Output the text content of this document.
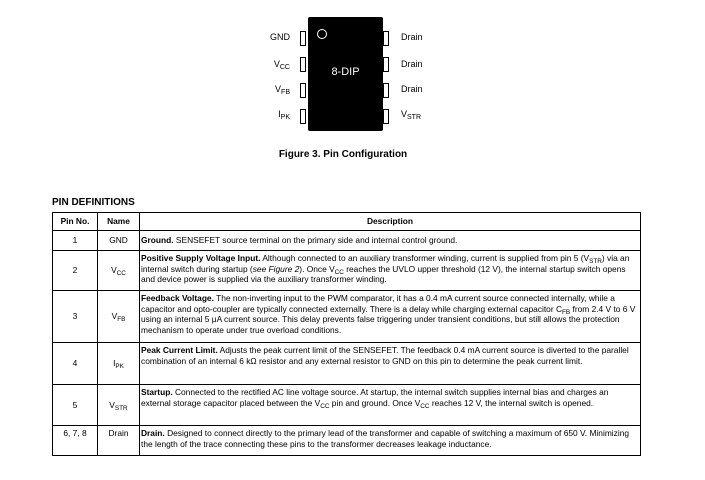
8-DIP
GND
$V_{CC}$
$V_{FB}$
$I_{PK}$
Drain
Drain
Drain
$V_{STR}$
Figure 3. Pin Configuration
PIN DEFINITIONS
Pin No.	Name	Description
1	GND	Ground. SENSEFET source terminal on the primary side and internal control ground.
2	$V_{CC}$	Positive Supply Voltage Input. Although connected to an auxiliary transformer winding, current is supplied from pin 5 $(V_{STR})$ via an internal switch during startup (see Figure 2). Once $V_{CC}$ reaches the UVLO upper threshold (12 V), the internal startup switch opens and device power is supplied via the auxiliary transformer winding.
3	$V_{FB}$	Feedback Voltage. The non-inverting input to the PWM comparator, it has a 0.4 mA current source connected internally, while a capacitor and opto-coupler are typically connected externally. There is a delay while charging external capacitor $C_{FB}$ from 2.4 V to 6 V using an internal 5 μA current source. This delay prevents false triggering under transient conditions, but still allows the protection mechanism to operate under true overload conditions.
4	$I_{PK}$	Peak Current Limit. Adjusts the peak current limit of the SENSEFET. The feedback 0.4 mA current source is diverted to the parallel combination of an internal 6 kΩ resistor and any external resistor to GND on this pin to determine the peak current limit.
5	$V_{STR}$	Startup. Connected to the rectified AC line voltage source. At startup, the internal switch supplies internal bias and charges an external storage capacitor placed between the $V_{CC}$ pin and ground. Once $V_{CC}$ reaches 12 V, the internal switch is opened.
6, 7, 8	Drain	Drain. Designed to connect directly to the primary lead of the transformer and capable of switching a maximum of 650 V. Minimizing the length of the trace connecting these pins to the transformer decreases leakage inductance.
